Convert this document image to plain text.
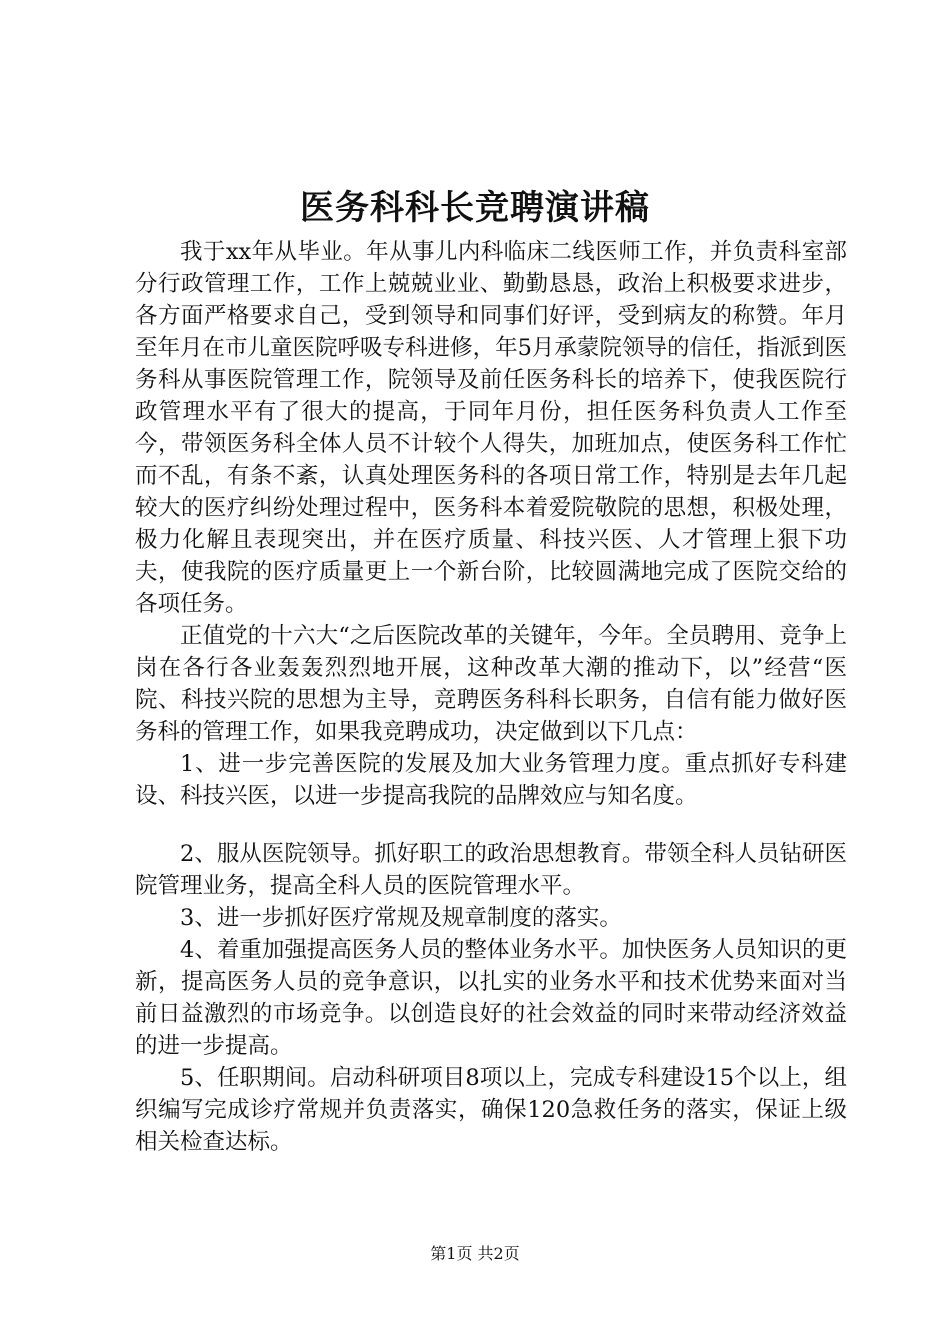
医务科科长竞聘演讲稿

我于xx年从毕业。年从事儿内科临床二线医师工作，并负责科室部分行政管理工作，工作上兢兢业业、勤勤恳恳，政治上积极要求进步，各方面严格要求自己，受到领导和同事们好评，受到病友的称赞。年月至年月在市儿童医院呼吸专科进修，年5月承蒙院领导的信任，指派到医务科从事医院管理工作，院领导及前任医务科长的培养下，使我医院行政管理水平有了很大的提高，于同年月份，担任医务科负责人工作至今，带领医务科全体人员不计较个人得失，加班加点，使医务科工作忙而不乱，有条不紊，认真处理医务科的各项日常工作，特别是去年几起较大的医疗纠纷处理过程中，医务科本着爱院敬院的思想，积极处理，极力化解且表现突出，并在医疗质量、科技兴医、人才管理上狠下功夫，使我院的医疗质量更上一个新台阶，比较圆满地完成了医院交给的各项任务。

正值党的十六大“之后医院改革的关键年，今年。全员聘用、竞争上岗在各行各业轰轰烈烈地开展，这种改革大潮的推动下，以”经营“医院、科技兴院的思想为主导，竞聘医务科科长职务，自信有能力做好医务科的管理工作，如果我竞聘成功，决定做到以下几点：

1、进一步完善医院的发展及加大业务管理力度。重点抓好专科建设、科技兴医，以进一步提高我院的品牌效应与知名度。

2、服从医院领导。抓好职工的政治思想教育。带领全科人员钻研医院管理业务，提高全科人员的医院管理水平。

3、进一步抓好医疗常规及规章制度的落实。

4、着重加强提高医务人员的整体业务水平。加快医务人员知识的更新，提高医务人员的竞争意识，以扎实的业务水平和技术优势来面对当前日益激烈的市场竞争。以创造良好的社会效益的同时来带动经济效益的进一步提高。

5、任职期间。启动科研项目8项以上，完成专科建设15个以上，组织编写完成诊疗常规并负责落实，确保120急救任务的落实，保证上级相关检查达标。

第1页 共2页
